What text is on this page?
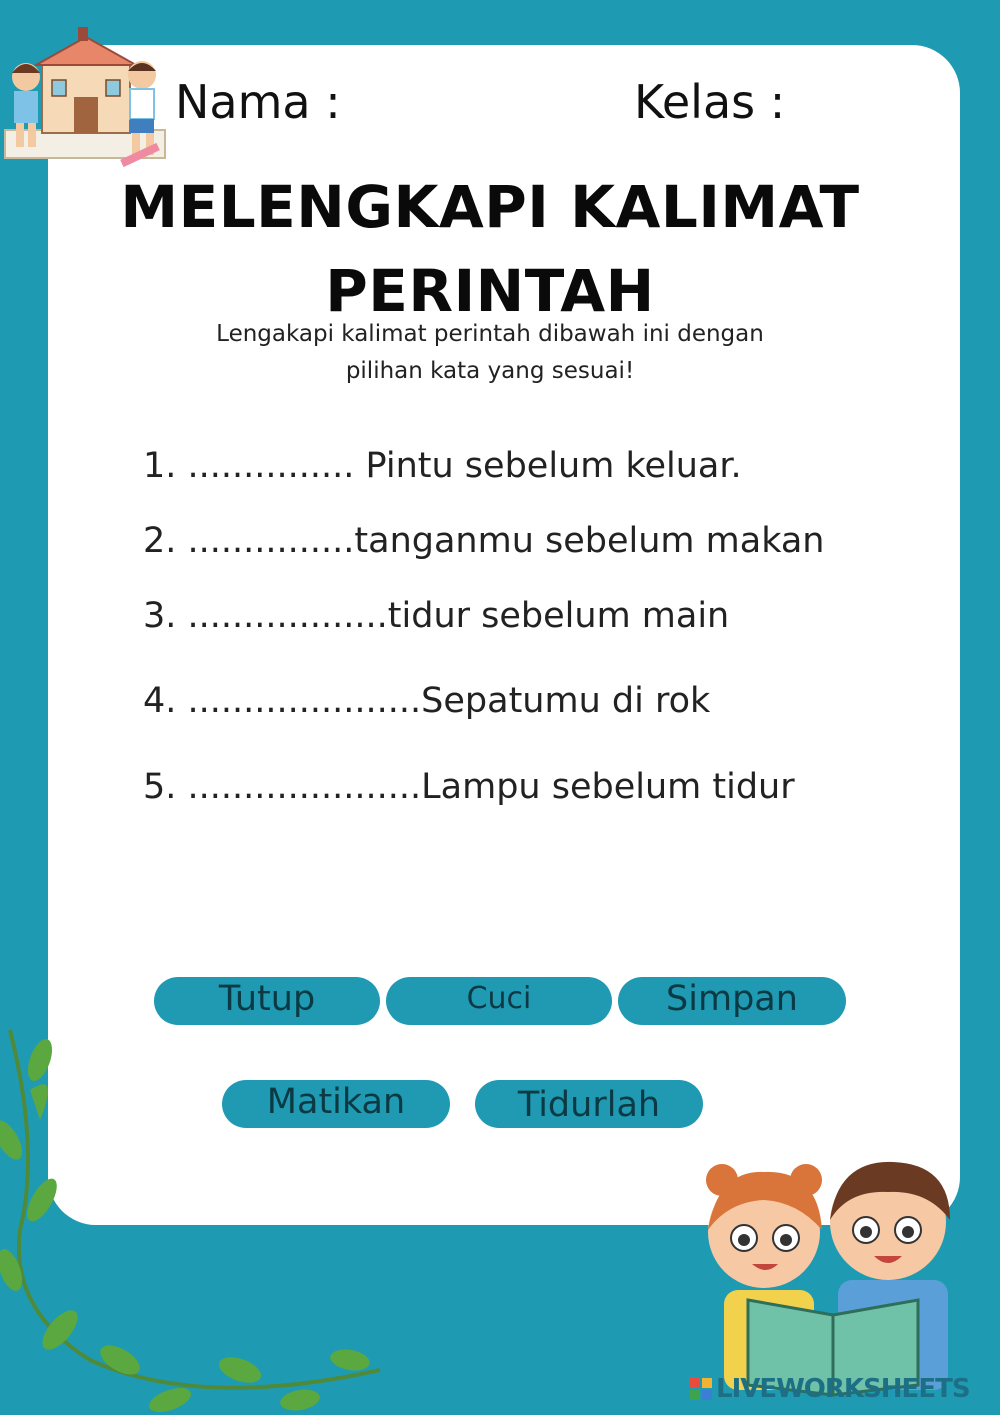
Nama :	Kelas :
MELENGKAPI KALIMAT
PERINTAH
Lengakapi kalimat perintah dibawah ini dengan
pilihan kata yang sesuai!
1. ............... Pintu sebelum keluar.
2. ...............tanganmu sebelum makan
3. ..................tidur sebelum main
4. .....................Sepatumu di rok
5. .....................Lampu sebelum tidur
Tutup	Cuci	Simpan
Matikan	Tidurlah
LIVEWORKSHEETS
